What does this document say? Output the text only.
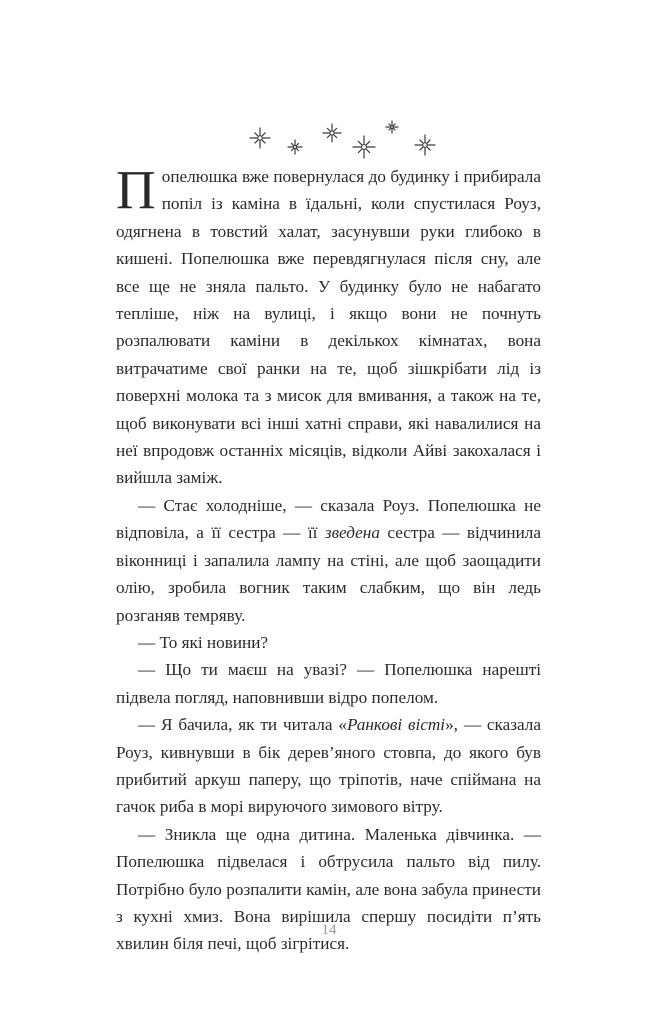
Попелюшка вже повернулася до будинку і прибирала попіл із каміна в їдальні, коли спустилася Роуз, одягнена в товстий халат, засунувши руки глибоко в кишені. Попелюшка вже перевдягнулася після сну, але все ще не зняла пальто. У будинку було не набагато тепліше, ніж на вулиці, і якщо вони не почнуть розпалювати каміни в декількох кімнатах, вона витрачатиме свої ранки на те, щоб зішкрібати лід із поверхні молока та з мисок для вмивання, а також на те, щоб виконувати всі інші хатні справи, які навалилися на неї впродовж останніх місяців, відколи Айві закохалася і вийшла заміж.

— Стає холодніше, — сказала Роуз. Попелюшка не відповіла, а її сестра — її зведена сестра — відчинила віконниці і запалила лампу на стіні, але щоб заощадити олію, зробила вогник таким слабким, що він ледь розганяв темряву.

— То які новини?

— Що ти маєш на увазі? — Попелюшка нарешті підвела погляд, наповнивши відро попелом.

— Я бачила, як ти читала «Ранкові вісті», — сказала Роуз, кивнувши в бік дерев’яного стовпа, до якого був прибитий аркуш паперу, що тріпотів, наче спіймана на гачок риба в морі вируючого зимового вітру.

— Зникла ще одна дитина. Маленька дівчинка. — Попелюшка підвелася і обтрусила пальто від пилу. Потрібно було розпалити камін, але вона забула принести з кухні хмиз. Вона вирішила спершу посидіти п’ять хвилин біля печі, щоб зігрітися.

14
